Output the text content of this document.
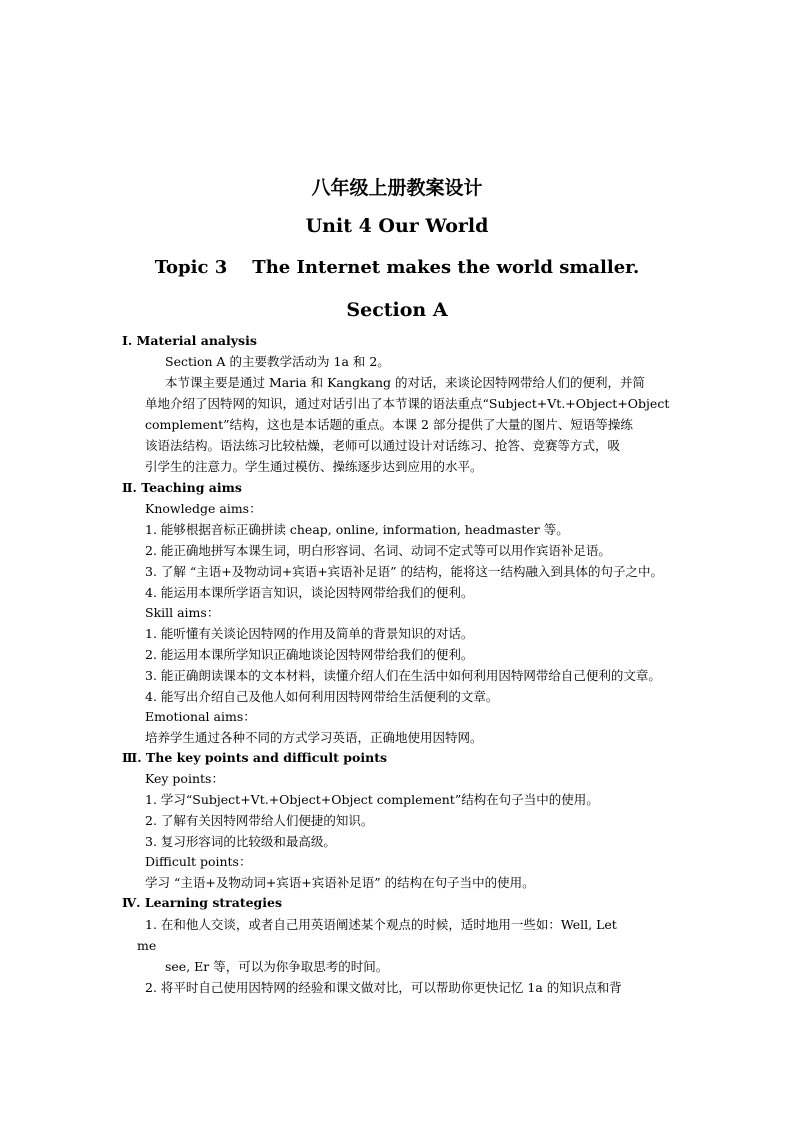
八年级上册教案设计
Unit 4 Our World
Topic 3    The Internet makes the world smaller.
Section A
Ⅰ. Material analysis
Section A 的主要教学活动为 1a 和 2。
本节课主要是通过 Maria 和 Kangkang 的对话，来谈论因特网带给人们的便利，并简
单地介绍了因特网的知识，通过对话引出了本节课的语法重点“Subject+Vt.+Object+Object
complement”结构，这也是本话题的重点。本课 2 部分提供了大量的图片、短语等操练
该语法结构。语法练习比较枯燥，老师可以通过设计对话练习、抢答、竞赛等方式，吸
引学生的注意力。学生通过模仿、操练逐步达到应用的水平。
Ⅱ. Teaching aims
Knowledge aims：
1. 能够根据音标正确拼读 cheap, online, information, headmaster 等。
2. 能正确地拼写本课生词，明白形容词、名词、动词不定式等可以用作宾语补足语。
3. 了解 “主语+及物动词+宾语+宾语补足语” 的结构，能将这一结构融入到具体的句子之中。
4. 能运用本课所学语言知识，谈论因特网带给我们的便利。
Skill aims：
1. 能听懂有关谈论因特网的作用及简单的背景知识的对话。
2. 能运用本课所学知识正确地谈论因特网带给我们的便利。
3. 能正确朗读课本的文本材料，读懂介绍人们在生活中如何利用因特网带给自己便利的文章。
4. 能写出介绍自己及他人如何利用因特网带给生活便利的文章。
Emotional aims：
培养学生通过各种不同的方式学习英语，正确地使用因特网。
Ⅲ. The key points and difficult points
Key points：
1. 学习“Subject+Vt.+Object+Object complement”结构在句子当中的使用。
2. 了解有关因特网带给人们便捷的知识。
3. 复习形容词的比较级和最高级。
Difficult points：
学习 “主语+及物动词+宾语+宾语补足语” 的结构在句子当中的使用。
Ⅳ. Learning strategies
1. 在和他人交谈，或者自己用英语阐述某个观点的时候，适时地用一些如：Well, Let
me
see, Er 等，可以为你争取思考的时间。
2. 将平时自己使用因特网的经验和课文做对比，可以帮助你更快记忆 1a 的知识点和背
